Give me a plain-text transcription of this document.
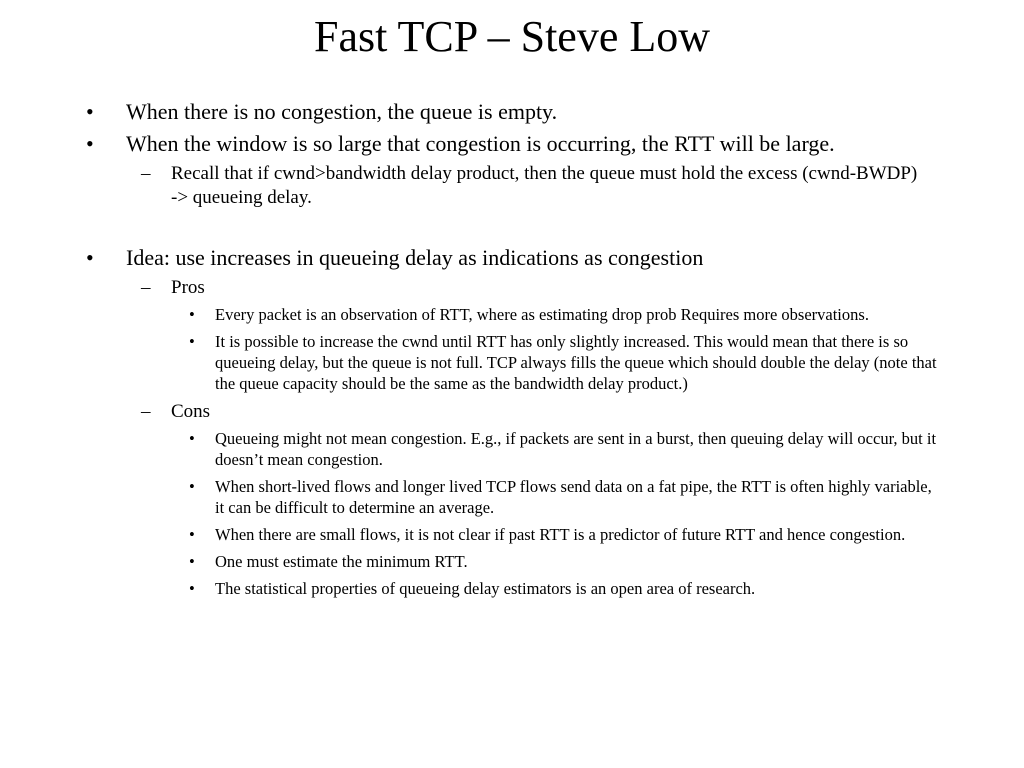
Fast TCP – Steve Low
• When there is no congestion, the queue is empty.
• When the window is so large that congestion is occurring, the RTT will be large.
– Recall that if cwnd>bandwidth delay product, then the queue must hold the excess (cwnd-BWDP) -> queueing delay.
• Idea: use increases in queueing delay as indications as congestion
– Pros
• Every packet is an observation of RTT, where as estimating drop prob Requires more observations.
• It is possible to increase the cwnd until RTT has only slightly increased. This would mean that there is so queueing delay, but the queue is not full. TCP always fills the queue which should double the delay (note that the queue capacity should be the same as the bandwidth delay product.)
– Cons
• Queueing might not mean congestion. E.g., if packets are sent in a burst, then queuing delay will occur, but it doesn’t mean congestion.
• When short-lived flows and longer lived TCP flows send data on a fat pipe, the RTT is often highly variable, it can be difficult to determine an average.
• When there are small flows, it is not clear if past RTT is a predictor of future RTT and hence congestion.
• One must estimate the minimum RTT.
• The statistical properties of queueing delay estimators is an open area of research.
